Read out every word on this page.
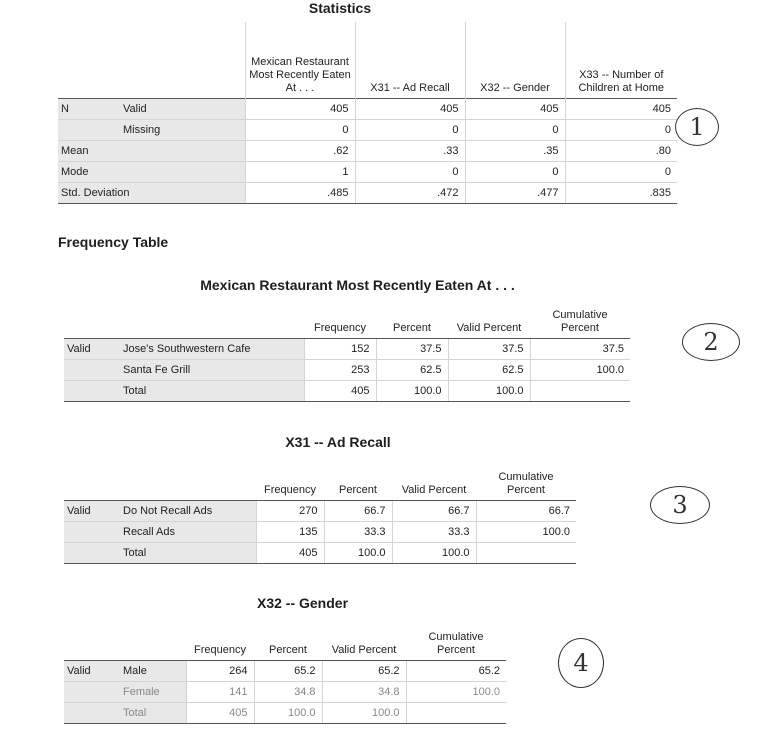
Statistics
		Mexican Restaurant Most Recently Eaten At . . .	X31 -- Ad Recall	X32 -- Gender	X33 -- Number of Children at Home
N	Valid	405	405	405	405
	Missing	0	0	0	0
Mean		.62	.33	.35	.80
Mode		1	0	0	0
Std. Deviation		.485	.472	.477	.835
1
Frequency Table
Mexican Restaurant Most Recently Eaten At . . .
		Frequency	Percent	Valid Percent	Cumulative Percent
Valid	Jose's Southwestern Cafe	152	37.5	37.5	37.5
	Santa Fe Grill	253	62.5	62.5	100.0
	Total	405	100.0	100.0	
2
X31 -- Ad Recall
		Frequency	Percent	Valid Percent	Cumulative Percent
Valid	Do Not Recall Ads	270	66.7	66.7	66.7
	Recall Ads	135	33.3	33.3	100.0
	Total	405	100.0	100.0	
3
X32 -- Gender
		Frequency	Percent	Valid Percent	Cumulative Percent
Valid	Male	264	65.2	65.2	65.2
	Female	141	34.8	34.8	100.0
	Total	405	100.0	100.0	
4
